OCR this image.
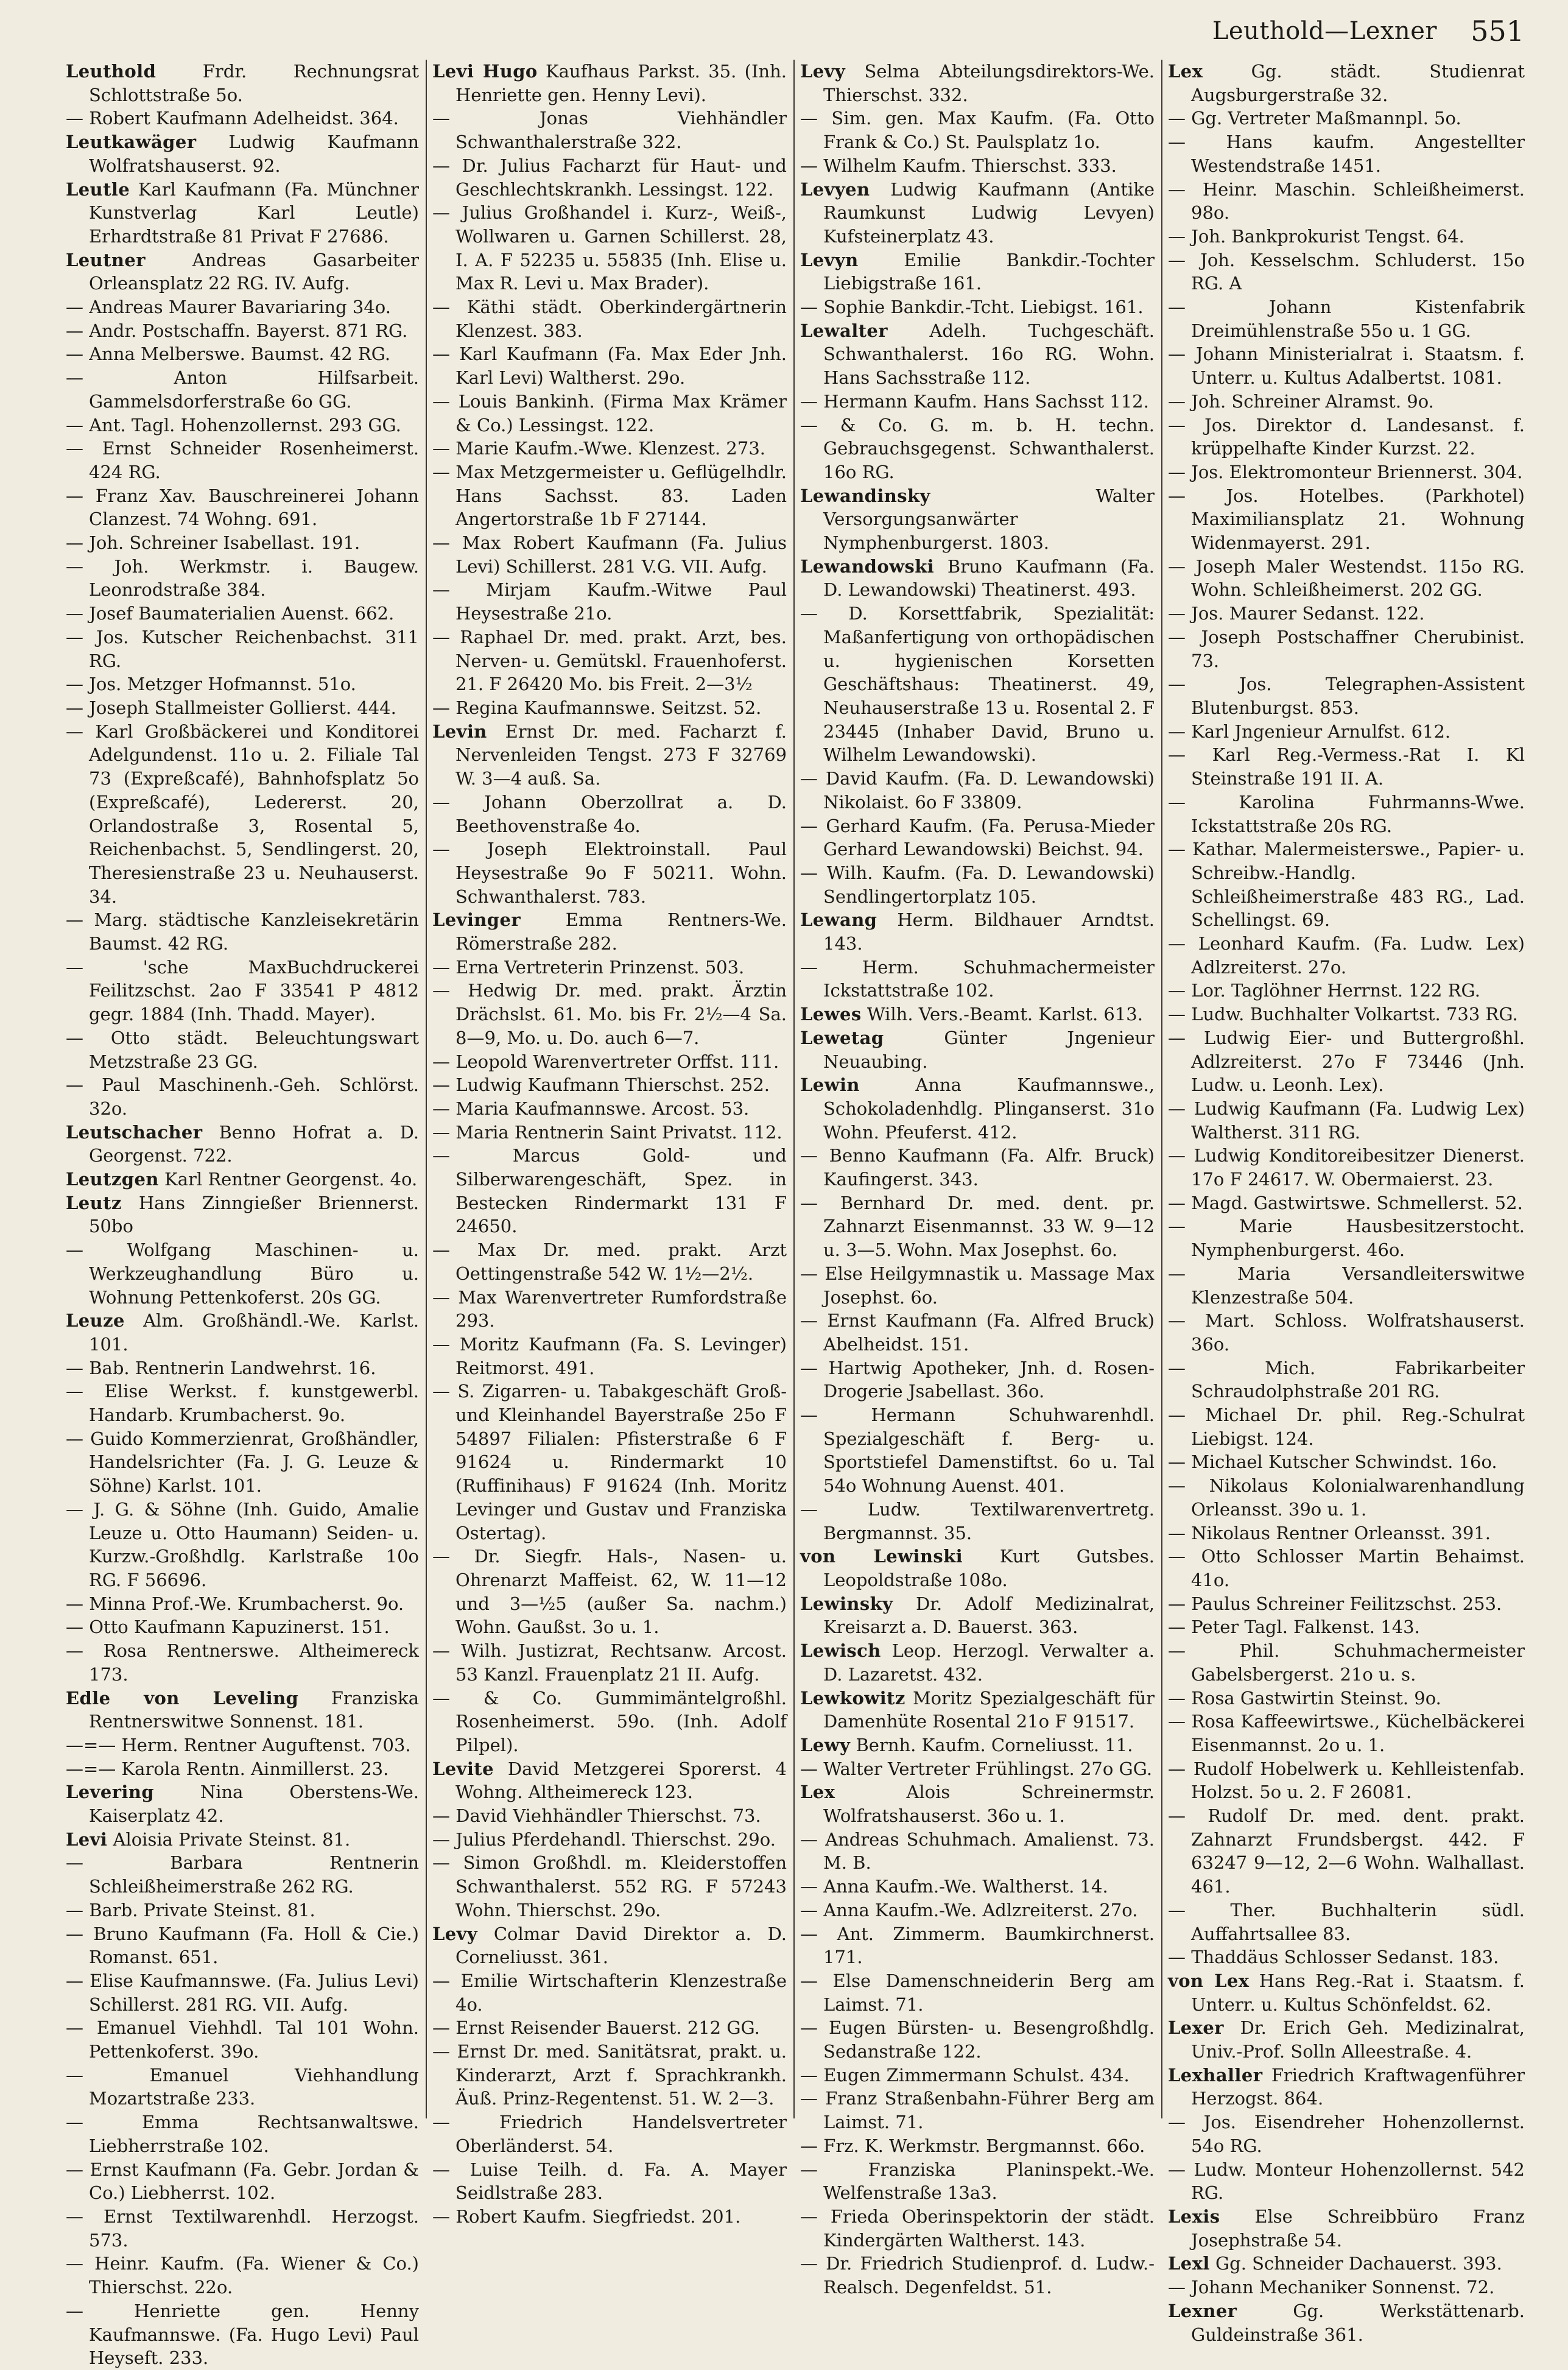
Leuthold—Lexner 551

Leuthold	Frdr. Rechnungsrat Schlottstraße 5o.

— Robert Kaufmann Adelheidst. 364.

Leutkawäger Ludwig Kaufmann Wolfratshauserst. 92.

Leutle Karl Kaufmann (Fa. Münchner Kunstverlag Karl Leutle) Erhardtstraße 81 Privat F 27686.

Leutner	Andreas Gasarbeiter Orleansplatz 22 RG. IV. Aufg.

— Andreas Maurer Bavariaring 34o.

— Andr. Postschaffn. Bayerst. 871 RG.

— Anna Melberswe. Baumst. 42 RG.

— Anton Hilfsarbeit. Gammelsdorferstraße 6o GG.

— Ant. Tagl. Hohenzollernst. 293 GG.

— Ernst Schneider Rosenheimerst. 424 RG.

— Franz Xav. Bauschreinerei Johann Clanzest. 74 Wohng. 691.

— Joh. Schreiner Isabellast. 191.

— Joh. Werkmstr. i. Baugew. Leonrodstraße 384.

— Josef Baumaterialien Auenst. 662.

— Jos. Kutscher Reichenbachst. 311 RG.

— Jos. Metzger Hofmannst. 51o.

— Joseph Stallmeister Gollierst. 444.

— Karl Großbäckerei und Konditorei Adelgundenst. 11o u. 2. Filiale Tal 73 (Expreßcafé), Bahnhofsplatz 5o (Expreßcafé), Ledererst. 20, Orlandostraße 3, Rosental 5, Reichenbachst. 5, Sendlingerst. 20, Theresienstraße 23 u. Neuhauserst. 34.

— Marg. städtische Kanzleisekretärin Baumst. 42 RG.

— 'sche MaxBuchdruckerei Feilitzschst. 2ao F 33541 P 4812 gegr. 1884 (Inh. Thadd. Mayer).

— Otto städt. Beleuchtungswart Metzstraße 23 GG.

— Paul Maschinenh.-Geh. Schlörst. 32o.

Leutschacher Benno Hofrat a. D. Georgenst. 722.

Leutzgen Karl Rentner Georgenst. 4o.

Leutz Hans Zinngießer Briennerst. 50bo

— Wolfgang Maschinen- u. Werkzeughandlung Büro u. Wohnung Pettenkoferst. 20s GG.

Leuze Alm. Großhändl.-We. Karlst. 101.

— Bab. Rentnerin Landwehrst. 16.

— Elise Werkst. f. kunstgewerbl. Handarb. Krumbacherst. 9o.

— Guido Kommerzienrat, Großhändler, Handelsrichter (Fa. J. G. Leuze & Söhne) Karlst. 101.

— J. G. & Söhne (Inh. Guido, Amalie Leuze u. Otto Haumann) Seiden- u. Kurzw.-Großhdlg. Karlstraße 10o RG. F 56696.

— Minna Prof.-We. Krumbacherst. 9o.

— Otto Kaufmann Kapuzinerst. 151.

— Rosa Rentnerswe. Altheimereck 173.

Edle von Leveling Franziska Rentnerswitwe Sonnenst. 181.

—=— Herm. Rentner Auguftenst. 703.

—=— Karola Rentn. Ainmillerst. 23.

Levering	Nina Oberstens-We. Kaiserplatz 42.

Levi Aloisia Private Steinst. 81.

— Barbara Rentnerin Schleißheimerstraße 262 RG.

— Barb. Private Steinst. 81.

— Bruno Kaufmann (Fa. Holl & Cie.) Romanst. 651.

— Elise Kaufmannswe. (Fa. Julius Levi) Schillerst. 281 RG. VII. Aufg.

— Emanuel Viehhdl. Tal 101 Wohn. Pettenkoferst. 39o.

— Emanuel Viehhandlung Mozartstraße 233.

— Emma Rechtsanwaltswe. Liebherrstraße 102.

— Ernst Kaufmann (Fa. Gebr. Jordan & Co.) Liebherrst. 102.

— Ernst Textilwarenhdl. Herzogst. 573.

— Heinr. Kaufm. (Fa. Wiener & Co.) Thierschst. 22o.

— Henriette gen. Henny Kaufmannswe. (Fa. Hugo Levi) Paul Heyseft. 233.

Levi Hugo Kaufhaus Parkst. 35. (Inh. Henriette gen. Henny Levi).

— Jonas Viehhändler Schwanthalerstraße 322.

— Dr. Julius Facharzt für Haut- und Geschlechtskrankh. Lessingst. 122.

— Julius Großhandel i. Kurz-, Weiß-, Wollwaren u. Garnen Schillerst. 28, I. A. F 52235 u. 55835 (Inh. Elise u. Max R. Levi u. Max Brader).

— Käthi städt. Oberkindergärtnerin Klenzest. 383.

— Karl Kaufmann (Fa. Max Eder Jnh. Karl Levi) Waltherst. 29o.

— Louis Bankinh. (Firma Max Krämer & Co.) Lessingst. 122.

— Marie Kaufm.-Wwe. Klenzest. 273.

— Max Metzgermeister u. Geflügelhdlr. Hans Sachsst. 83. Laden Angertorstraße 1b F 27144.

— Max Robert Kaufmann (Fa. Julius Levi) Schillerst. 281 V.G. VII. Aufg.

— Mirjam Kaufm.-Witwe Paul Heysestraße 21o.

— Raphael Dr. med. prakt. Arzt, bes. Nerven- u. Gemütskl. Frauenhoferst. 21. F 26420 Mo. bis Freit. 2—3½

— Regina Kaufmannswe. Seitzst. 52.

Levin Ernst Dr. med. Facharzt f. Nervenleiden Tengst. 273 F 32769 W. 3—4 auß. Sa.

— Johann Oberzollrat a. D. Beethovenstraße 4o.

— Joseph Elektroinstall. Paul Heysestraße 9o F 50211. Wohn. Schwanthalerst. 783.

Levinger	Emma Rentners-We. Römerstraße 282.

— Erna Vertreterin Prinzenst. 503.

— Hedwig Dr. med. prakt. Ärztin Drächslst. 61. Mo. bis Fr. 2½—4 Sa. 8—9, Mo. u. Do. auch 6—7.

— Leopold Warenvertreter Orffst. 111.

— Ludwig Kaufmann Thierschst. 252.

— Maria Kaufmannswe. Arcost. 53.

— Maria Rentnerin Saint Privatst. 112.

— Marcus Gold- und Silberwarengeschäft, Spez. in Bestecken Rindermarkt 131 F 24650.

— Max Dr. med. prakt. Arzt Oettingenstraße 542 W. 1½—2½.

— Max Warenvertreter Rumfordstraße 293.

— Moritz Kaufmann (Fa. S. Levinger) Reitmorst. 491.

— S. Zigarren- u. Tabakgeschäft Groß- und Kleinhandel Bayerstraße 25o F 54897 Filialen: Pfisterstraße 6 F 91624 u. Rindermarkt 10 (Ruffinihaus) F 91624 (Inh. Moritz Levinger und Gustav und Franziska Ostertag).

— Dr. Siegfr. Hals-, Nasen- u. Ohrenarzt Maffeist. 62, W. 11—12 und 3—½5 (außer Sa. nachm.) Wohn. Gaußst. 3o u. 1.

— Wilh. Justizrat, Rechtsanw. Arcost. 53 Kanzl. Frauenplatz 21 II. Aufg.

— & Co. Gummimäntelgroßhl. Rosenheimerst. 59o. (Inh. Adolf Pilpel).

Levite David Metzgerei Sporerst. 4 Wohng. Altheimereck 123.

— David Viehhändler Thierschst. 73.

— Julius Pferdehandl. Thierschst. 29o.

— Simon Großhdl. m. Kleiderstoffen Schwanthalerst. 552 RG. F 57243 Wohn. Thierschst. 29o.

Levy Colmar David Direktor a. D. Corneliusst. 361.

— Emilie Wirtschafterin Klenzestraße 4o.

— Ernst Reisender Bauerst. 212 GG.

— Ernst Dr. med. Sanitätsrat, prakt. u. Kinderarzt, Arzt f. Sprachkrankh. Äuß. Prinz-Regentenst. 51. W. 2—3.

— Friedrich Handelsvertreter Oberländerst. 54.

— Luise Teilh. d. Fa. A. Mayer Seidlstraße 283.

— Robert Kaufm. Siegfriedst. 201.

Levy Selma Abteilungsdirektors-We. Thierschst. 332.

— Sim. gen. Max Kaufm. (Fa. Otto Frank & Co.) St. Paulsplatz 1o.

— Wilhelm Kaufm. Thierschst. 333.

Levyen Ludwig Kaufmann (Antike Raumkunst Ludwig Levyen) Kufsteinerplatz 43.

Levyn	Emilie Bankdir.-Tochter Liebigstraße 161.

— Sophie Bankdir.-Tcht. Liebigst. 161.

Lewalter Adelh. Tuchgeschäft. Schwanthalerst. 16o RG. Wohn. Hans Sachsstraße 112.

— Hermann Kaufm. Hans Sachsst 112.

— & Co. G. m. b. H. techn. Gebrauchsgegenst. Schwanthalerst. 16o RG.

Lewandinsky	Walter Versorgungsanwärter Nymphenburgerst. 1803.

Lewandowski Bruno Kaufmann (Fa. D. Lewandowski) Theatinerst. 493.

— D. Korsettfabrik, Spezialität: Maßanfertigung von orthopädischen u. hygienischen Korsetten Geschäftshaus: Theatinerst. 49, Neuhauserstraße 13 u. Rosental 2. F 23445 (Inhaber David, Bruno u. Wilhelm Lewandowski).

— David Kaufm. (Fa. D. Lewandowski) Nikolaist. 6o F 33809.

— Gerhard Kaufm. (Fa. Perusa-Mieder Gerhard Lewandowski) Beichst. 94.

— Wilh. Kaufm. (Fa. D. Lewandowski) Sendlingertorplatz 105.

Lewang Herm. Bildhauer Arndtst. 143.

— Herm. Schuhmachermeister Ickstattstraße 102.

Lewes Wilh. Vers.-Beamt. Karlst. 613.

Lewetag	Günter Jngenieur Neuaubing.

Lewin	Anna Kaufmannswe., Schokoladenhdlg. Plinganserst. 31o Wohn. Pfeuferst. 412.

— Benno Kaufmann (Fa. Alfr. Bruck) Kaufingerst. 343.

— Bernhard Dr. med. dent. pr. Zahnarzt Eisenmannst. 33 W. 9—12 u. 3—5. Wohn. Max Josephst. 6o.

— Else Heilgymnastik u. Massage Max Josephst. 6o.

— Ernst Kaufmann (Fa. Alfred Bruck) Abelheidst. 151.

— Hartwig Apotheker, Jnh. d. Rosen-Drogerie Jsabellast. 36o.

— Hermann Schuhwarenhdl. Spezialgeschäft f. Berg- u. Sportstiefel Damenstiftst. 6o u. Tal 54o Wohnung Auenst. 401.

— Ludw. Textilwarenvertretg. Bergmannst. 35.

von Lewinski Kurt Gutsbes. Leopoldstraße 108o.

Lewinsky Dr. Adolf Medizinalrat, Kreisarzt a. D. Bauerst. 363.

Lewisch Leop. Herzogl. Verwalter a. D. Lazaretst. 432.

Lewkowitz Moritz Spezialgeschäft für Damenhüte Rosental 21o F 91517.

Lewy Bernh. Kaufm. Corneliusst. 11.

— Walter Vertreter Frühlingst. 27o GG.

Lex	Alois Schreinermstr. Wolfratshauserst. 36o u. 1.

— Andreas Schuhmach. Amalienst. 73. M. B.

— Anna Kaufm.-We. Waltherst. 14.

— Anna Kaufm.-We. Adlzreiterst. 27o.

— Ant. Zimmerm. Baumkirchnerst. 171.

— Else Damenschneiderin Berg am Laimst. 71.

— Eugen Bürsten- u. Besengroßhdlg. Sedanstraße 122.

— Eugen Zimmermann Schulst. 434.

— Franz Straßenbahn-Führer Berg am Laimst. 71.

— Frz. K. Werkmstr. Bergmannst. 66o.

— Franziska Planinspekt.-We. Welfenstraße 13a3.

— Frieda Oberinspektorin der städt. Kindergärten Waltherst. 143.

— Dr. Friedrich Studienprof. d. Ludw.-Realsch. Degenfeldst. 51.

Lex	Gg. städt. Studienrat Augsburgerstraße 32.

— Gg. Vertreter Maßmannpl. 5o.

— Hans kaufm. Angestellter Westendstraße 1451.

— Heinr. Maschin. Schleißheimerst. 98o.

— Joh. Bankprokurist Tengst. 64.

— Joh. Kesselschm. Schluderst. 15o RG. A

— Johann Kistenfabrik Dreimühlenstraße 55o u. 1 GG.

— Johann Ministerialrat i. Staatsm. f. Unterr. u. Kultus Adalbertst. 1081.

— Joh. Schreiner Alramst. 9o.

— Jos. Direktor d. Landesanst. f. krüppelhafte Kinder Kurzst. 22.

— Jos. Elektromonteur Briennerst. 304.

— Jos. Hotelbes. (Parkhotel) Maximiliansplatz 21. Wohnung Widenmayerst. 291.

— Joseph Maler Westendst. 115o RG. Wohn. Schleißheimerst. 202 GG.

— Jos. Maurer Sedanst. 122.

— Joseph Postschaffner Cherubinist. 73.

— Jos. Telegraphen-Assistent Blutenburgst. 853.

— Karl Jngenieur Arnulfst. 612.

— Karl Reg.-Vermess.-Rat I. Kl Steinstraße 191 II. A.

— Karolina Fuhrmanns-Wwe. Ickstattstraße 20s RG.

— Kathar. Malermeisterswe., Papier- u. Schreibw.-Handlg. Schleißheimerstraße 483 RG., Lad. Schellingst. 69.

— Leonhard Kaufm. (Fa. Ludw. Lex) Adlzreiterst. 27o.

— Lor. Taglöhner Herrnst. 122 RG.

— Ludw. Buchhalter Volkartst. 733 RG.

— Ludwig Eier- und Buttergroßhl. Adlzreiterst. 27o F 73446 (Jnh. Ludw. u. Leonh. Lex).

— Ludwig Kaufmann (Fa. Ludwig Lex) Waltherst. 311 RG.

— Ludwig Konditoreibesitzer Dienerst. 17o F 24617. W. Obermaierst. 23.

— Magd. Gastwirtswe. Schmellerst. 52.

— Marie Hausbesitzerstocht. Nymphenburgerst. 46o.

— Maria Versandleiterswitwe Klenzestraße 504.

— Mart. Schloss. Wolfratshauserst. 36o.

— Mich. Fabrikarbeiter Schraudolphstraße 201 RG.

— Michael Dr. phil. Reg.-Schulrat Liebigst. 124.

— Michael Kutscher Schwindst. 16o.

— Nikolaus Kolonialwarenhandlung Orleansst. 39o u. 1.

— Nikolaus Rentner Orleansst. 391.

— Otto Schlosser Martin Behaimst. 41o.

— Paulus Schreiner Feilitzschst. 253.

— Peter Tagl. Falkenst. 143.

— Phil. Schuhmachermeister Gabelsbergerst. 21o u. s.

— Rosa Gastwirtin Steinst. 9o.

— Rosa Kaffeewirtswe., Küchelbäckerei Eisenmannst. 2o u. 1.

— Rudolf Hobelwerk u. Kehlleistenfab. Holzst. 5o u. 2. F 26081.

— Rudolf Dr. med. dent. prakt. Zahnarzt Frundsbergst. 442. F 63247 9—12, 2—6 Wohn. Walhallast. 461.

— Ther. Buchhalterin südl. Auffahrtsallee 83.

— Thaddäus Schlosser Sedanst. 183.

von Lex Hans Reg.-Rat i. Staatsm. f. Unterr. u. Kultus Schönfeldst. 62.

Lexer Dr. Erich Geh. Medizinalrat, Univ.-Prof. Solln Alleestraße. 4.

Lexhaller Friedrich Kraftwagenführer Herzogst. 864.

— Jos. Eisendreher Hohenzollernst. 54o RG.

— Ludw. Monteur Hohenzollernst. 542 RG.

Lexis Else Schreibbüro Franz Josephstraße 54.

Lexl Gg. Schneider Dachauerst. 393.

— Johann Mechaniker Sonnenst. 72.

Lexner	Gg. Werkstättenarb. Guldeinstraße 361.
